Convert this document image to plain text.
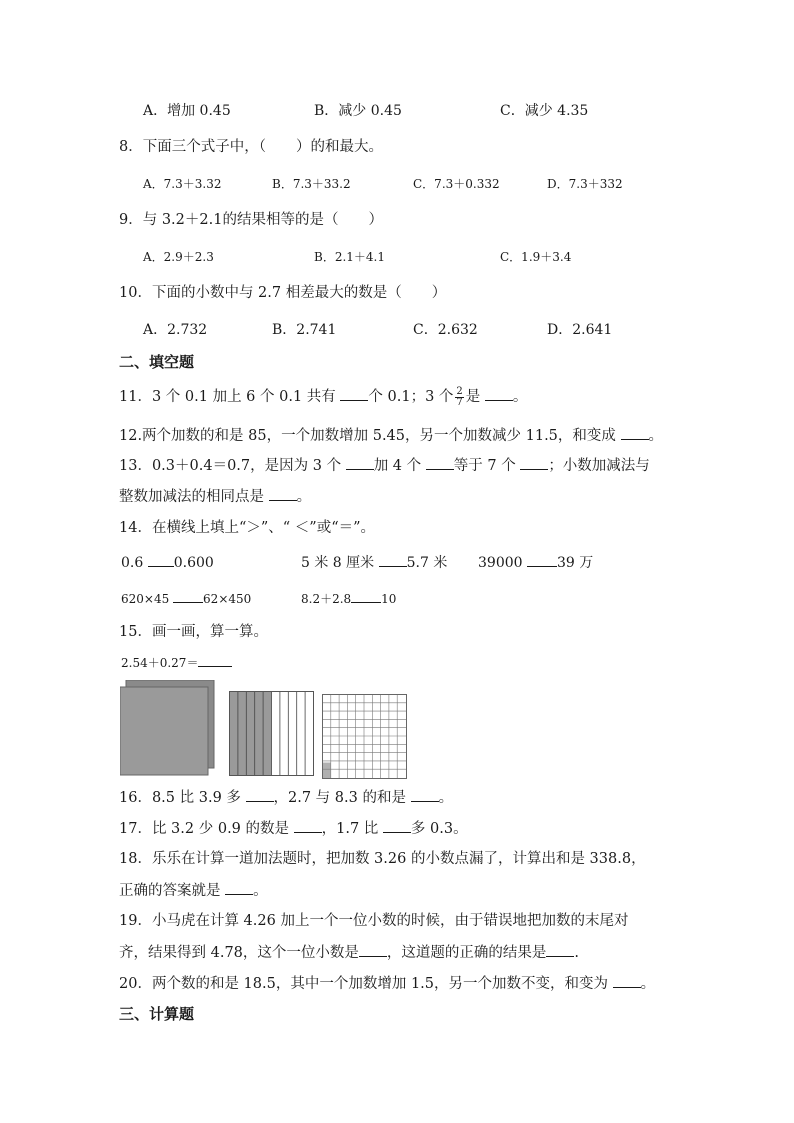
A．增加 0.45	B．减少 0.45	C．减少 4.35
8．下面三个式子中，（ ）的和最大。
A．7.3＋3.32	B．7.3＋33.2	C．7.3＋0.332	D．7.3＋332
9．与 3.2＋2.1的结果相等的是（ ）
A．2.9＋2.3	B．2.1＋4.1	C．1.9＋3.4
10．下面的小数中与 2.7 相差最大的数是（ ）
A．2.732	B．2.741	C．2.632	D．2.641
二、填空题
11．3 个 0.1 加上 6 个 0.1 共有 个 0.1；3 个 $\frac{2}{7}$ 是 。
12.两个加数的和是 85，一个加数增加 5.45，另一个加数减少 11.5，和变成 。
13．0.3＋0.4＝0.7，是因为 3 个 加 4 个 等于 7 个 ；小数加减法与
整数加减法的相同点是 。
14．在横线上填上“＞”、“ ＜”或“＝”。
0.6 0.600	5 米 8 厘米 5.7 米 39000 39 万
620×45	62×450	8.2＋2.8	10
15．画一画，算一算。
2.54＋0.27＝
16．8.5 比 3.9 多 ，2.7 与 8.3 的和是 。
17．比 3.2 少 0.9 的数是 ，1.7 比 多 0.3。
18．乐乐在计算一道加法题时，把加数 3.26 的小数点漏了，计算出和是 338.8，
正确的答案就是 。
19．小马虎在计算 4.26 加上一个一位小数的时候，由于错误地把加数的末尾对
齐，结果得到 4.78，这个一位小数是 ，这道题的正确的结果是 .
20．两个数的和是 18.5，其中一个加数增加 1.5，另一个加数不变，和变为 。
三、计算题
